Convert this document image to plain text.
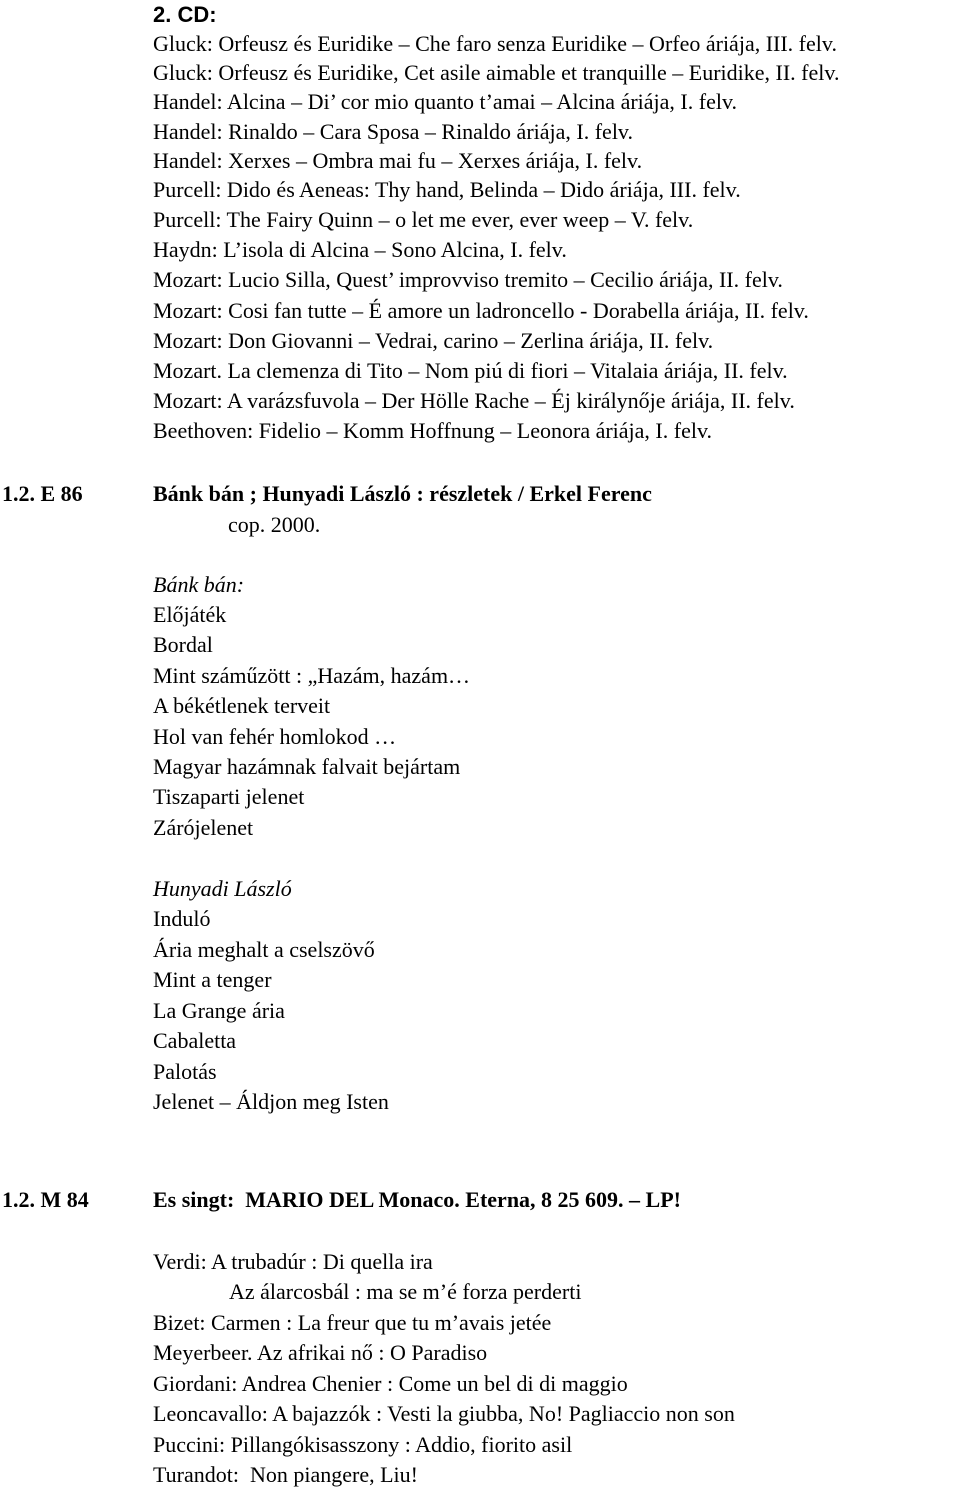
2. CD:
Gluck: Orfeusz és Euridike – Che faro senza Euridike – Orfeo áriája, III. felv.
Gluck: Orfeusz és Euridike, Cet asile aimable et tranquille – Euridike, II. felv.
Handel: Alcina – Di’ cor mio quanto t’amai – Alcina áriája, I. felv.
Handel: Rinaldo – Cara Sposa – Rinaldo áriája, I. felv.
Handel: Xerxes – Ombra mai fu – Xerxes áriája, I. felv.
Purcell: Dido és Aeneas: Thy hand, Belinda – Dido áriája, III. felv.
Purcell: The Fairy Quinn – o let me ever, ever weep – V. felv.
Haydn: L’isola di Alcina – Sono Alcina, I. felv.
Mozart: Lucio Silla, Quest’ improvviso tremito – Cecilio áriája, II. felv.
Mozart: Cosi fan tutte – É amore un ladroncello - Dorabella áriája, II. felv.
Mozart: Don Giovanni – Vedrai, carino – Zerlina áriája, II. felv.
Mozart. La clemenza di Tito – Nom piú di fiori – Vitalaia áriája, II. felv.
Mozart: A varázsfuvola – Der Hölle Rache – Éj királynője áriája, II. felv.
Beethoven: Fidelio – Komm Hoffnung – Leonora áriája, I. felv.
1.2. E 86	Bánk bán ; Hunyadi László : részletek / Erkel Ferenc
cop. 2000.
Bánk bán:
Előjáték
Bordal
Mint száműzött : „Hazám, hazám…
A békétlenek terveit
Hol van fehér homlokod …
Magyar hazámnak falvait bejártam
Tiszaparti jelenet
Zárójelenet
Hunyadi László
Induló
Ária meghalt a cselszövő
Mint a tenger
La Grange ária
Cabaletta
Palotás
Jelenet – Áldjon meg Isten
1.2. M 84	Es singt:  MARIO DEL Monaco. Eterna, 8 25 609. – LP!
Verdi: A trubadúr : Di quella ira
Az álarcosbál : ma se m’é forza perderti
Bizet: Carmen : La freur que tu m’avais jetée
Meyerbeer. Az afrikai nő : O Paradiso
Giordani: Andrea Chenier : Come un bel di di maggio
Leoncavallo: A bajazzók : Vesti la giubba, No! Pagliaccio non son
Puccini: Pillangókisasszony : Addio, fiorito asil
Turandot:  Non piangere, Liu!
